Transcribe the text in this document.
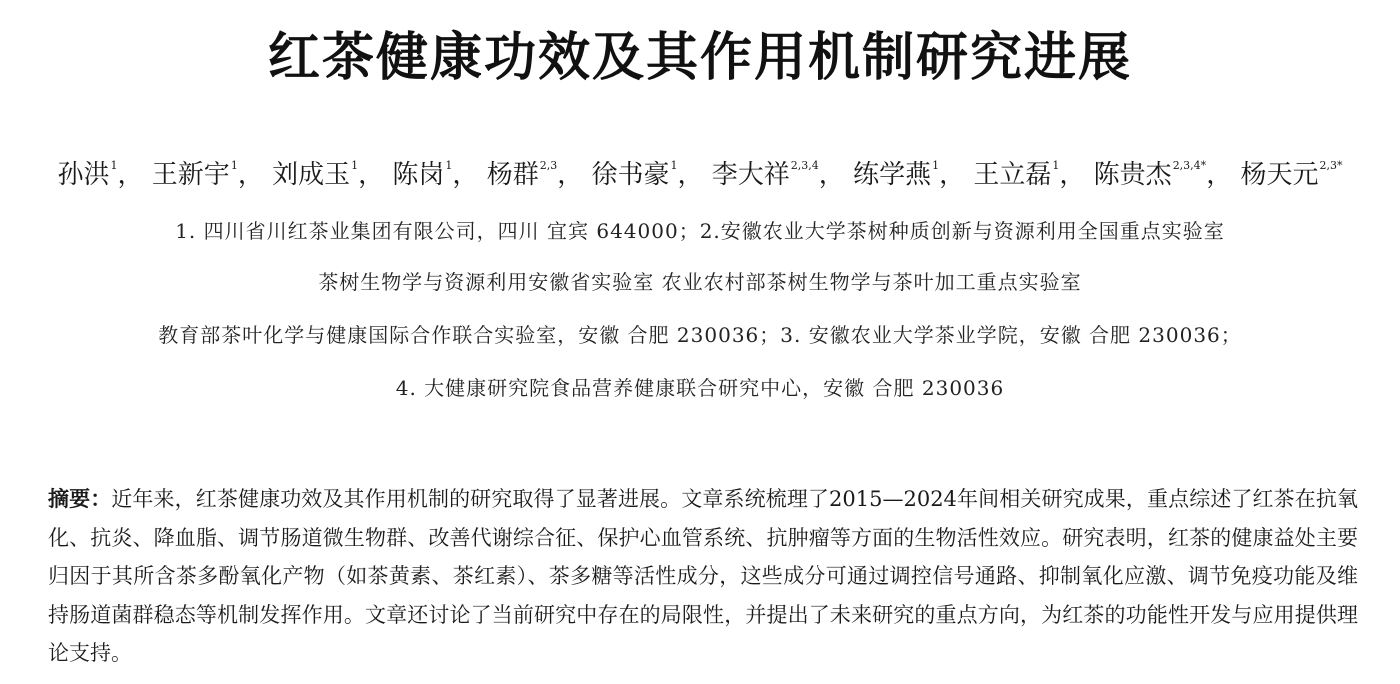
红茶健康功效及其作用机制研究进展
孙洪$^1$， 王新宇$^1$， 刘成玉$^1$， 陈岗$^1$， 杨群$^{2,3}$， 徐书豪$^1$， 李大祥$^{2,3,4}$， 练学燕$^1$， 王立磊$^1$， 陈贵杰$^{2,3,4*}$， 杨天元$^{2,3*}$
1. 四川省川红茶业集团有限公司，四川 宜宾 644000；2.安徽农业大学茶树种质创新与资源利用全国重点实验室
茶树生物学与资源利用安徽省实验室 农业农村部茶树生物学与茶叶加工重点实验室
教育部茶叶化学与健康国际合作联合实验室，安徽 合肥 230036；3. 安徽农业大学茶业学院，安徽 合肥 230036；
4. 大健康研究院食品营养健康联合研究中心，安徽 合肥 230036
摘要：近年来，红茶健康功效及其作用机制的研究取得了显著进展。文章系统梳理了2015—2024年间相关研究成果，重点综述了红茶在抗氧化、抗炎、降血脂、调节肠道微生物群、改善代谢综合征、保护心血管系统、抗肿瘤等方面的生物活性效应。研究表明，红茶的健康益处主要归因于其所含茶多酚氧化产物（如茶黄素、茶红素）、茶多糖等活性成分，这些成分可通过调控信号通路、抑制氧化应激、调节免疫功能及维持肠道菌群稳态等机制发挥作用。文章还讨论了当前研究中存在的局限性，并提出了未来研究的重点方向，为红茶的功能性开发与应用提供理论支持。
